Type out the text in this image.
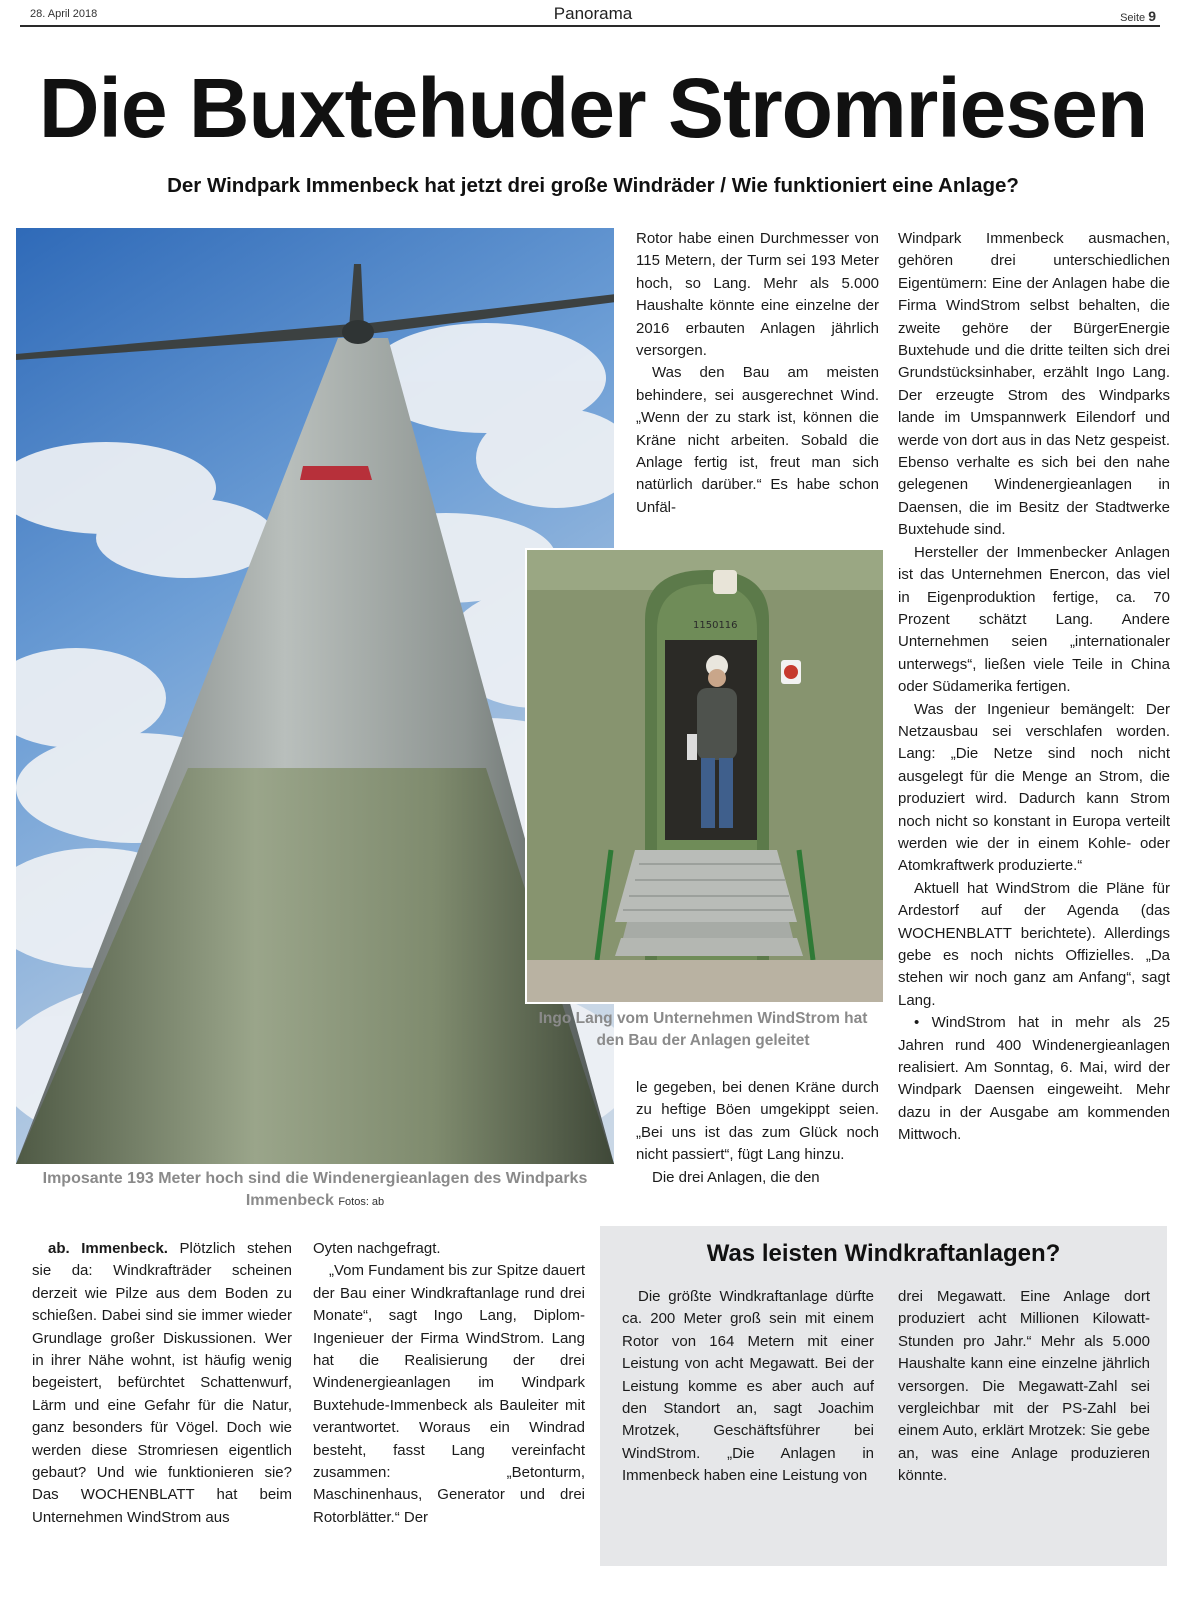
28. April 2018	Panorama	Seite 9
Die Buxtehuder Stromriesen
Der Windpark Immenbeck hat jetzt drei große Windräder / Wie funktioniert eine Anlage?
1150116
Imposante 193 Meter hoch sind die Windenergieanlagen des Windparks Immenbeck Fotos: ab
Ingo Lang vom Unternehmen WindStrom hat den Bau der Anlagen geleitet

Rotor habe einen Durchmesser von 115 Metern, der Turm sei 193 Meter hoch, so Lang. Mehr als 5.000 Haushalte könnte eine einzelne der 2016 erbauten Anlagen jährlich versorgen.

Was den Bau am meisten behindere, sei ausgerechnet Wind. „Wenn der zu stark ist, können die Kräne nicht arbeiten. Sobald die Anlage fertig ist, freut man sich natürlich darüber.“ Es habe schon Unfäl-

le gegeben, bei denen Kräne durch zu heftige Böen umgekippt seien. „Bei uns ist das zum Glück noch nicht passiert“, fügt Lang hinzu.

Die drei Anlagen, die den

Windpark Immenbeck ausmachen, gehören drei unterschiedlichen Eigentümern: Eine der Anlagen habe die Firma WindStrom selbst behalten, die zweite gehöre der BürgerEnergie Buxtehude und die dritte teilten sich drei Grundstücksinhaber, erzählt Ingo Lang. Der erzeugte Strom des Windparks lande im Umspannwerk Eilendorf und werde von dort aus in das Netz gespeist. Ebenso verhalte es sich bei den nahe gelegenen Windenergieanlagen in Daensen, die im Besitz der Stadtwerke Buxtehude sind.

Hersteller der Immenbecker Anlagen ist das Unternehmen Enercon, das viel in Eigenproduktion fertige, ca. 70 Prozent schätzt Lang. Andere Unternehmen seien „internationaler unterwegs“, ließen viele Teile in China oder Südamerika fertigen.

Was der Ingenieur bemängelt: Der Netzausbau sei verschlafen worden. Lang: „Die Netze sind noch nicht ausgelegt für die Menge an Strom, die produziert wird. Dadurch kann Strom noch nicht so konstant in Europa verteilt werden wie der in einem Kohle- oder Atomkraftwerk produzierte.“

Aktuell hat WindStrom die Pläne für Ardestorf auf der Agenda (das WOCHENBLATT berichtete). Allerdings gebe es noch nichts Offizielles. „Da stehen wir noch ganz am Anfang“, sagt Lang.

• WindStrom hat in mehr als 25 Jahren rund 400 Windenergieanlagen realisiert. Am Sonntag, 6. Mai, wird der Windpark Daensen eingeweiht. Mehr dazu in der Ausgabe am kommenden Mittwoch.

ab. Immenbeck. Plötzlich stehen sie da: Windkrafträder scheinen derzeit wie Pilze aus dem Boden zu schießen. Dabei sind sie immer wieder Grundlage großer Diskussionen. Wer in ihrer Nähe wohnt, ist häufig wenig begeistert, befürchtet Schattenwurf, Lärm und eine Gefahr für die Natur, ganz besonders für Vögel. Doch wie werden diese Stromriesen eigentlich gebaut? Und wie funktionieren sie? Das WOCHENBLATT hat beim Unternehmen WindStrom aus

Oyten nachgefragt.

„Vom Fundament bis zur Spitze dauert der Bau einer Windkraftanlage rund drei Monate“, sagt Ingo Lang, Diplom-Ingenieuer der Firma WindStrom. Lang hat die Realisierung der drei Windenergieanlagen im Windpark Buxtehude-Immenbeck als Bauleiter mit verantwortet. Woraus ein Windrad besteht, fasst Lang vereinfacht zusammen: „Betonturm, Maschinenhaus, Generator und drei Rotorblätter.“ Der

Was leisten Windkraftanlagen?

Die größte Windkraftanlage dürfte ca. 200 Meter groß sein mit einem Rotor von 164 Metern mit einer Leistung von acht Megawatt. Bei der Leistung komme es aber auch auf den Standort an, sagt Joachim Mrotzek, Geschäftsführer bei WindStrom. „Die Anlagen in Immenbeck haben eine Leistung von

drei Megawatt. Eine Anlage dort produziert acht Millionen Kilowatt-Stunden pro Jahr.“ Mehr als 5.000 Haushalte kann eine einzelne jährlich versorgen. Die Megawatt-Zahl sei vergleichbar mit der PS-Zahl bei einem Auto, erklärt Mrotzek: Sie gebe an, was eine Anlage produzieren könnte.
